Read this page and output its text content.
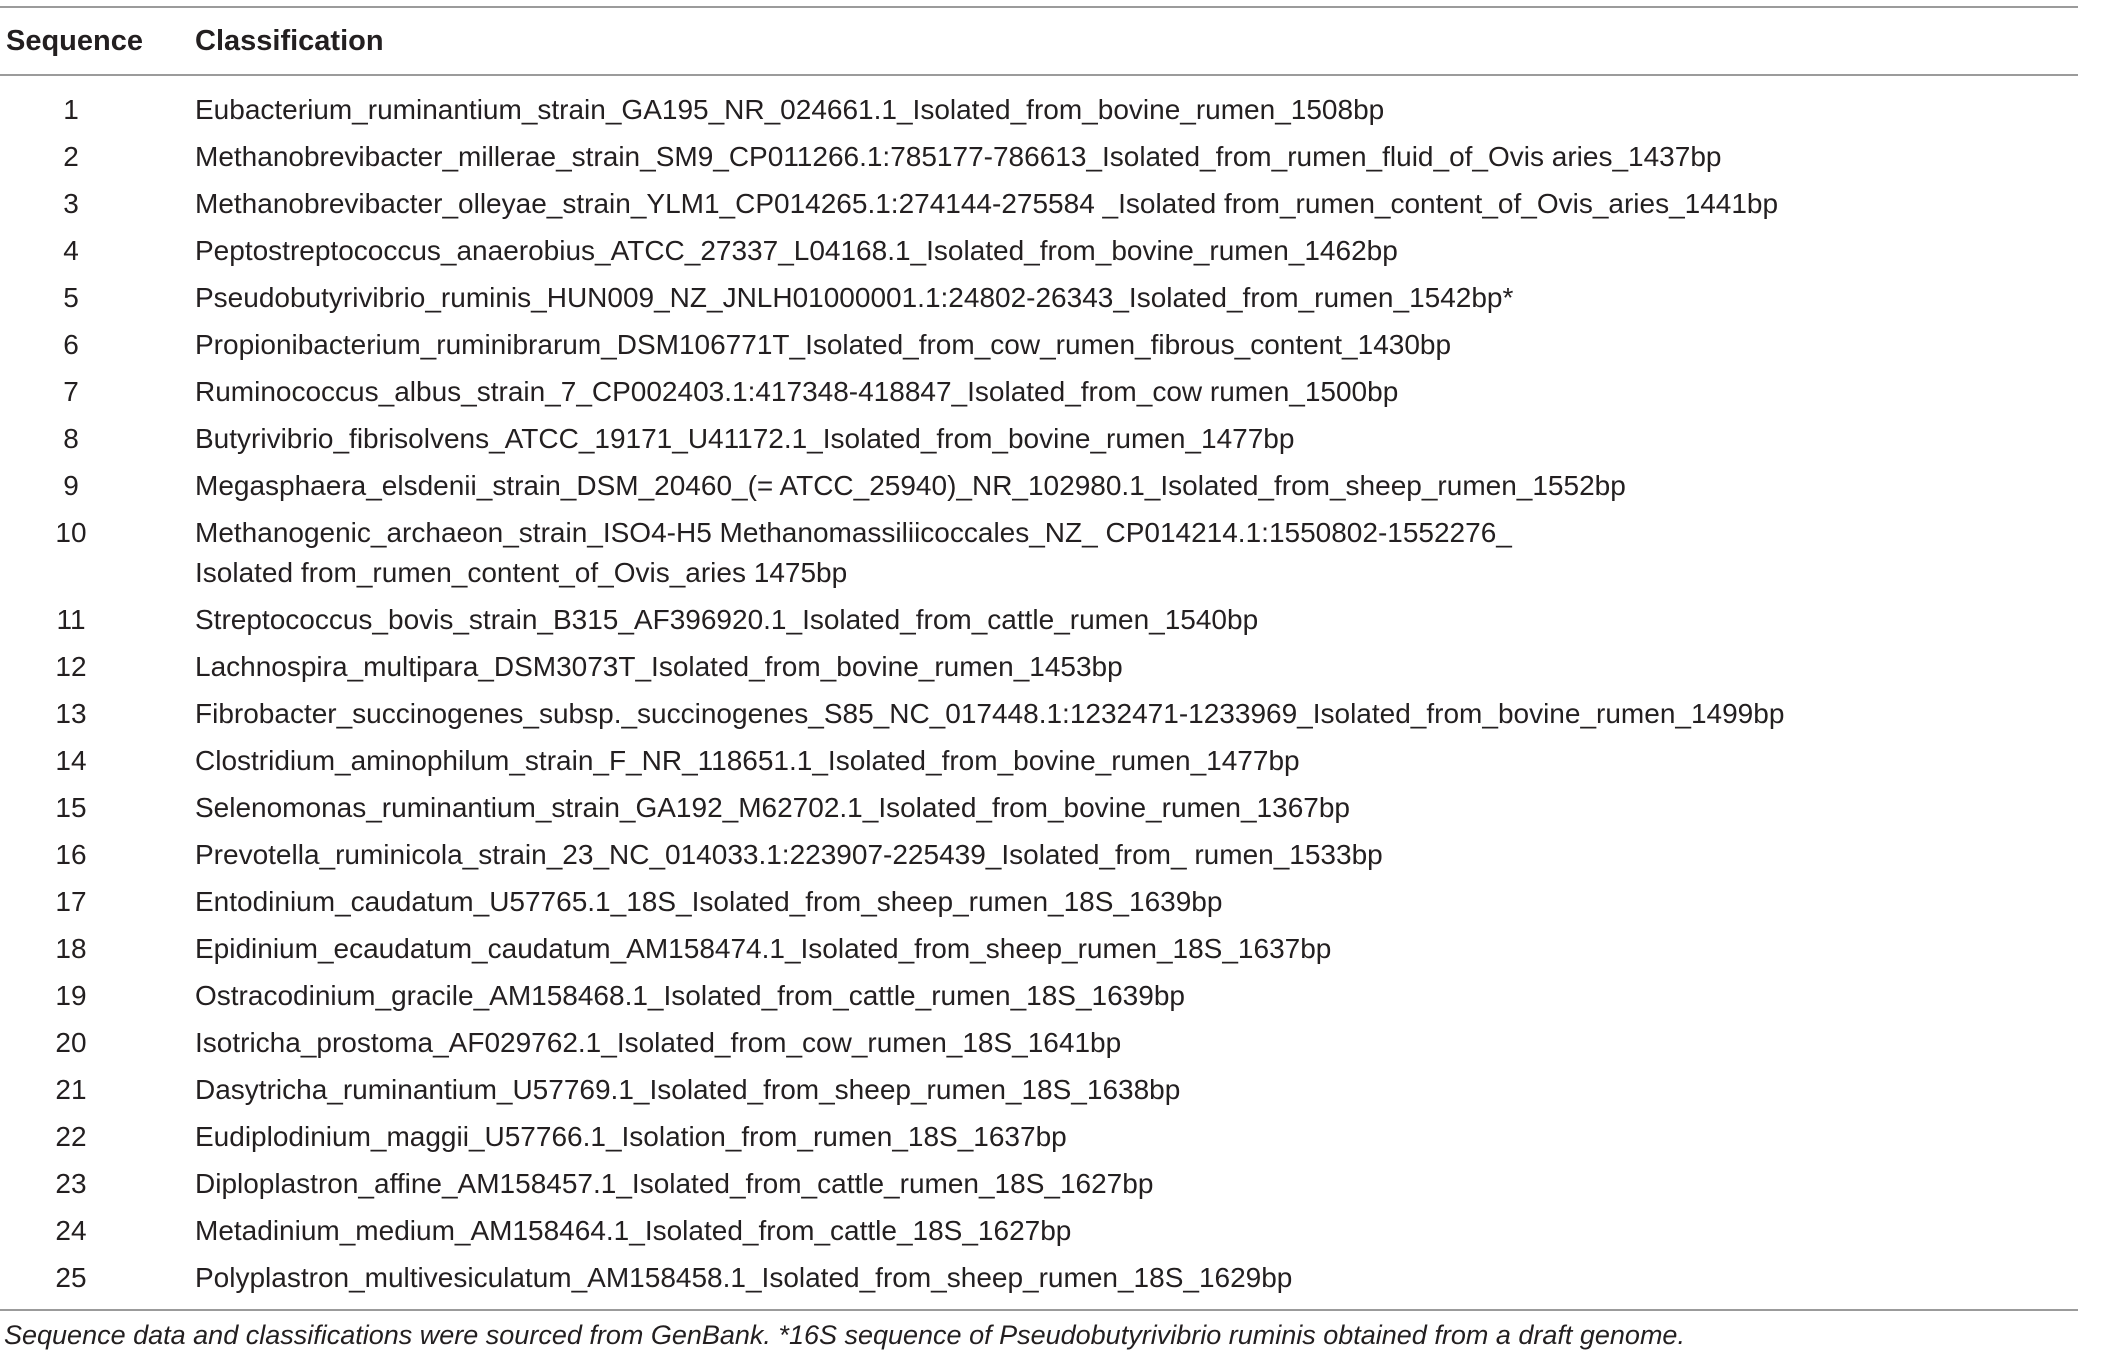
Sequence	Classification
1	Eubacterium_ruminantium_strain_GA195_NR_024661.1_Isolated_from_bovine_rumen_1508bp
2	Methanobrevibacter_millerae_strain_SM9_CP011266.1:785177-786613_Isolated_from_rumen_fluid_of_Ovis aries_1437bp
3	Methanobrevibacter_olleyae_strain_YLM1_CP014265.1:274144-275584 _Isolated from_rumen_content_of_Ovis_aries_1441bp
4	Peptostreptococcus_anaerobius_ATCC_27337_L04168.1_Isolated_from_bovine_rumen_1462bp
5	Pseudobutyrivibrio_ruminis_HUN009_NZ_JNLH01000001.1:24802-26343_Isolated_from_rumen_1542bp*
6	Propionibacterium_ruminibrarum_DSM106771T_Isolated_from_cow_rumen_fibrous_content_1430bp
7	Ruminococcus_albus_strain_7_CP002403.1:417348-418847_Isolated_from_cow rumen_1500bp
8	Butyrivibrio_fibrisolvens_ATCC_19171_U41172.1_Isolated_from_bovine_rumen_1477bp
9	Megasphaera_elsdenii_strain_DSM_20460_(= ATCC_25940)_NR_102980.1_Isolated_from_sheep_rumen_1552bp
10	Methanogenic_archaeon_strain_ISO4-H5 Methanomassiliicoccales_NZ_ CP014214.1:1550802-1552276_
Isolated from_rumen_content_of_Ovis_aries 1475bp
11	Streptococcus_bovis_strain_B315_AF396920.1_Isolated_from_cattle_rumen_1540bp
12	Lachnospira_multipara_DSM3073T_Isolated_from_bovine_rumen_1453bp
13	Fibrobacter_succinogenes_subsp._succinogenes_S85_NC_017448.1:1232471-1233969_Isolated_from_bovine_rumen_1499bp
14	Clostridium_aminophilum_strain_F_NR_118651.1_Isolated_from_bovine_rumen_1477bp
15	Selenomonas_ruminantium_strain_GA192_M62702.1_Isolated_from_bovine_rumen_1367bp
16	Prevotella_ruminicola_strain_23_NC_014033.1:223907-225439_Isolated_from_ rumen_1533bp
17	Entodinium_caudatum_U57765.1_18S_Isolated_from_sheep_rumen_18S_1639bp
18	Epidinium_ecaudatum_caudatum_AM158474.1_Isolated_from_sheep_rumen_18S_1637bp
19	Ostracodinium_gracile_AM158468.1_Isolated_from_cattle_rumen_18S_1639bp
20	Isotricha_prostoma_AF029762.1_Isolated_from_cow_rumen_18S_1641bp
21	Dasytricha_ruminantium_U57769.1_Isolated_from_sheep_rumen_18S_1638bp
22	Eudiplodinium_maggii_U57766.1_Isolation_from_rumen_18S_1637bp
23	Diploplastron_affine_AM158457.1_Isolated_from_cattle_rumen_18S_1627bp
24	Metadinium_medium_AM158464.1_Isolated_from_cattle_18S_1627bp
25	Polyplastron_multivesiculatum_AM158458.1_Isolated_from_sheep_rumen_18S_1629bp
Sequence data and classifications were sourced from GenBank. *16S sequence of Pseudobutyrivibrio ruminis obtained from a draft genome.
